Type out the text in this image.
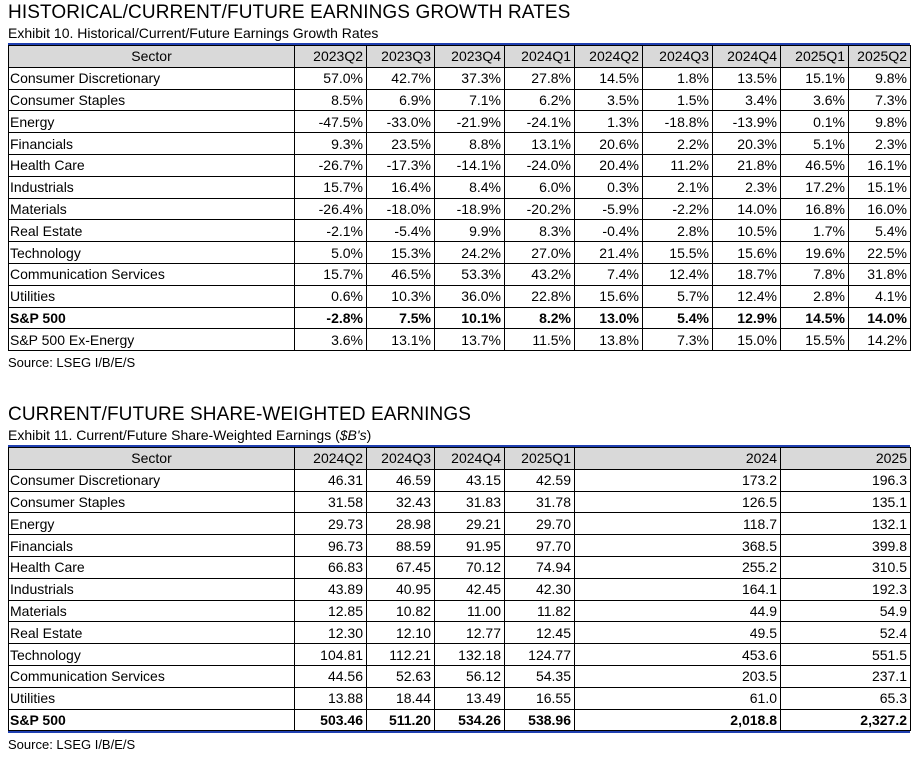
HISTORICAL/CURRENT/FUTURE EARNINGS GROWTH RATES
Exhibit 10. Historical/Current/Future Earnings Growth Rates
Sector	2023Q2	2023Q3	2023Q4	2024Q1	2024Q2	2024Q3	2024Q4	2025Q1	2025Q2
Consumer Discretionary	57.0%	42.7%	37.3%	27.8%	14.5%	1.8%	13.5%	15.1%	9.8%
Consumer Staples	8.5%	6.9%	7.1%	6.2%	3.5%	1.5%	3.4%	3.6%	7.3%
Energy	-47.5%	-33.0%	-21.9%	-24.1%	1.3%	-18.8%	-13.9%	0.1%	9.8%
Financials	9.3%	23.5%	8.8%	13.1%	20.6%	2.2%	20.3%	5.1%	2.3%
Health Care	-26.7%	-17.3%	-14.1%	-24.0%	20.4%	11.2%	21.8%	46.5%	16.1%
Industrials	15.7%	16.4%	8.4%	6.0%	0.3%	2.1%	2.3%	17.2%	15.1%
Materials	-26.4%	-18.0%	-18.9%	-20.2%	-5.9%	-2.2%	14.0%	16.8%	16.0%
Real Estate	-2.1%	-5.4%	9.9%	8.3%	-0.4%	2.8%	10.5%	1.7%	5.4%
Technology	5.0%	15.3%	24.2%	27.0%	21.4%	15.5%	15.6%	19.6%	22.5%
Communication Services	15.7%	46.5%	53.3%	43.2%	7.4%	12.4%	18.7%	7.8%	31.8%
Utilities	0.6%	10.3%	36.0%	22.8%	15.6%	5.7%	12.4%	2.8%	4.1%
S&P 500	-2.8%	7.5%	10.1%	8.2%	13.0%	5.4%	12.9%	14.5%	14.0%
S&P 500 Ex-Energy	3.6%	13.1%	13.7%	11.5%	13.8%	7.3%	15.0%	15.5%	14.2%
Source: LSEG I/B/E/S
CURRENT/FUTURE SHARE-WEIGHTED EARNINGS
Exhibit 11. Current/Future Share-Weighted Earnings ($B's)
Sector	2024Q2	2024Q3	2024Q4	2025Q1	2024	2025
Consumer Discretionary	46.31	46.59	43.15	42.59	173.2	196.3
Consumer Staples	31.58	32.43	31.83	31.78	126.5	135.1
Energy	29.73	28.98	29.21	29.70	118.7	132.1
Financials	96.73	88.59	91.95	97.70	368.5	399.8
Health Care	66.83	67.45	70.12	74.94	255.2	310.5
Industrials	43.89	40.95	42.45	42.30	164.1	192.3
Materials	12.85	10.82	11.00	11.82	44.9	54.9
Real Estate	12.30	12.10	12.77	12.45	49.5	52.4
Technology	104.81	112.21	132.18	124.77	453.6	551.5
Communication Services	44.56	52.63	56.12	54.35	203.5	237.1
Utilities	13.88	18.44	13.49	16.55	61.0	65.3
S&P 500	503.46	511.20	534.26	538.96	2,018.8	2,327.2
Source: LSEG I/B/E/S
